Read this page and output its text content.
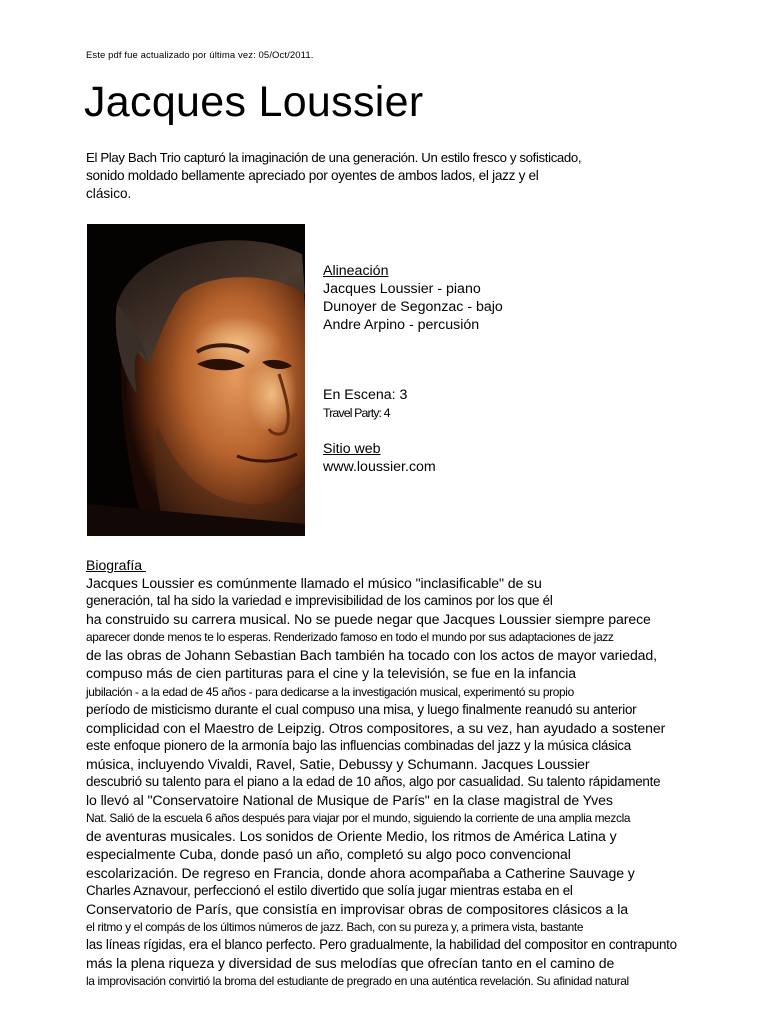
Este pdf fue actualizado por última vez: 05/Oct/2011.
Jacques Loussier
El Play Bach Trio capturó la imaginación de una generación. Un estilo fresco y sofisticado,
sonido moldado bellamente apreciado por oyentes de ambos lados, el jazz y el
clásico.
Alineación
Jacques Loussier - piano
Dunoyer de Segonzac - bajo
Andre Arpino - percusión
En Escena: 3
Travel Party: 4
Sitio web
www.loussier.com
Biografía
Jacques Loussier es comúnmente llamado el músico "inclasificable" de su
generación, tal ha sido la variedad e imprevisibilidad de los caminos por los que él
ha construido su carrera musical. No se puede negar que Jacques Loussier siempre parece
aparecer donde menos te lo esperas. Renderizado famoso en todo el mundo por sus adaptaciones de jazz
de las obras de Johann Sebastian Bach también ha tocado con los actos de mayor variedad,
compuso más de cien partituras para el cine y la televisión, se fue en la infancia
jubilación - a la edad de 45 años - para dedicarse a la investigación musical, experimentó su propio
período de misticismo durante el cual compuso una misa, y luego finalmente reanudó su anterior
complicidad con el Maestro de Leipzig. Otros compositores, a su vez, han ayudado a sostener
este enfoque pionero de la armonía bajo las influencias combinadas del jazz y la música clásica
música, incluyendo Vivaldi, Ravel, Satie, Debussy y Schumann. Jacques Loussier
descubrió su talento para el piano a la edad de 10 años, algo por casualidad. Su talento rápidamente
lo llevó al "Conservatoire National de Musique de París" en la clase magistral de Yves
Nat. Salió de la escuela 6 años después para viajar por el mundo, siguiendo la corriente de una amplia mezcla
de aventuras musicales. Los sonidos de Oriente Medio, los ritmos de América Latina y
especialmente Cuba, donde pasó un año, completó su algo poco convencional
escolarización. De regreso en Francia, donde ahora acompañaba a Catherine Sauvage y
Charles Aznavour, perfeccionó el estilo divertido que solía jugar mientras estaba en el
Conservatorio de París, que consistía en improvisar obras de compositores clásicos a la
el ritmo y el compás de los últimos números de jazz. Bach, con su pureza y, a primera vista, bastante
las líneas rígidas, era el blanco perfecto. Pero gradualmente, la habilidad del compositor en contrapunto
más la plena riqueza y diversidad de sus melodías que ofrecían tanto en el camino de
la improvisación convirtió la broma del estudiante de pregrado en una auténtica revelación. Su afinidad natural
